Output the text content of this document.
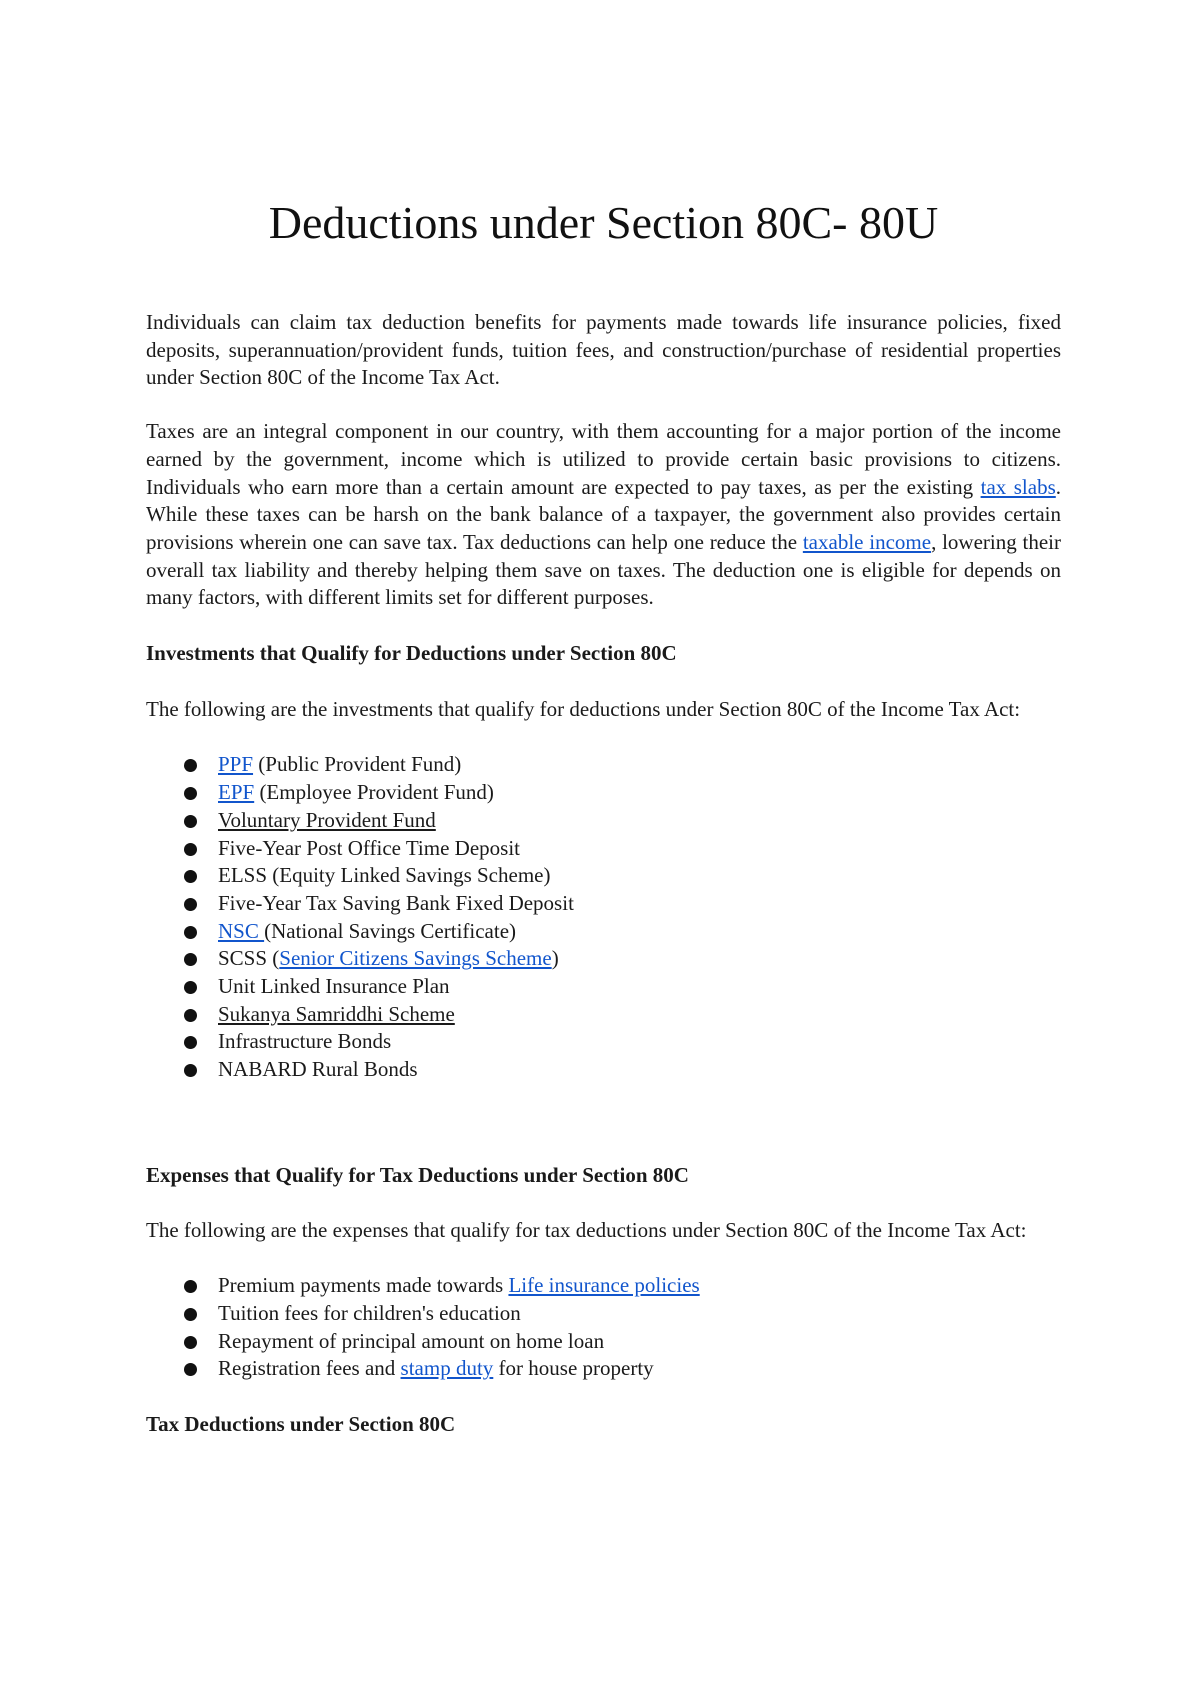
Deductions under Section 80C- 80U

Individuals can claim tax deduction benefits for payments made towards life insurance policies, fixed deposits, superannuation/provident funds, tuition fees, and construction/purchase of residential properties under Section 80C of the Income Tax Act.

Taxes are an integral component in our country, with them accounting for a major portion of the income earned by the government, income which is utilized to provide certain basic provisions to citizens. Individuals who earn more than a certain amount are expected to pay taxes, as per the existing tax slabs. While these taxes can be harsh on the bank balance of a taxpayer, the government also provides certain provisions wherein one can save tax. Tax deductions can help one reduce the taxable income, lowering their overall tax liability and thereby helping them save on taxes. The deduction one is eligible for depends on many factors, with different limits set for different purposes.

Investments that Qualify for Deductions under Section 80C

The following are the investments that qualify for deductions under Section 80C of the Income Tax Act:

PPF (Public Provident Fund)
EPF (Employee Provident Fund)
Voluntary Provident Fund
Five-Year Post Office Time Deposit
ELSS (Equity Linked Savings Scheme)
Five-Year Tax Saving Bank Fixed Deposit
NSC (National Savings Certificate)
SCSS (Senior Citizens Savings Scheme)
Unit Linked Insurance Plan
Sukanya Samriddhi Scheme
Infrastructure Bonds
NABARD Rural Bonds
Expenses that Qualify for Tax Deductions under Section 80C

The following are the expenses that qualify for tax deductions under Section 80C of the Income Tax Act:

Premium payments made towards Life insurance policies
Tuition fees for children's education
Repayment of principal amount on home loan
Registration fees and stamp duty for house property
Tax Deductions under Section 80C
